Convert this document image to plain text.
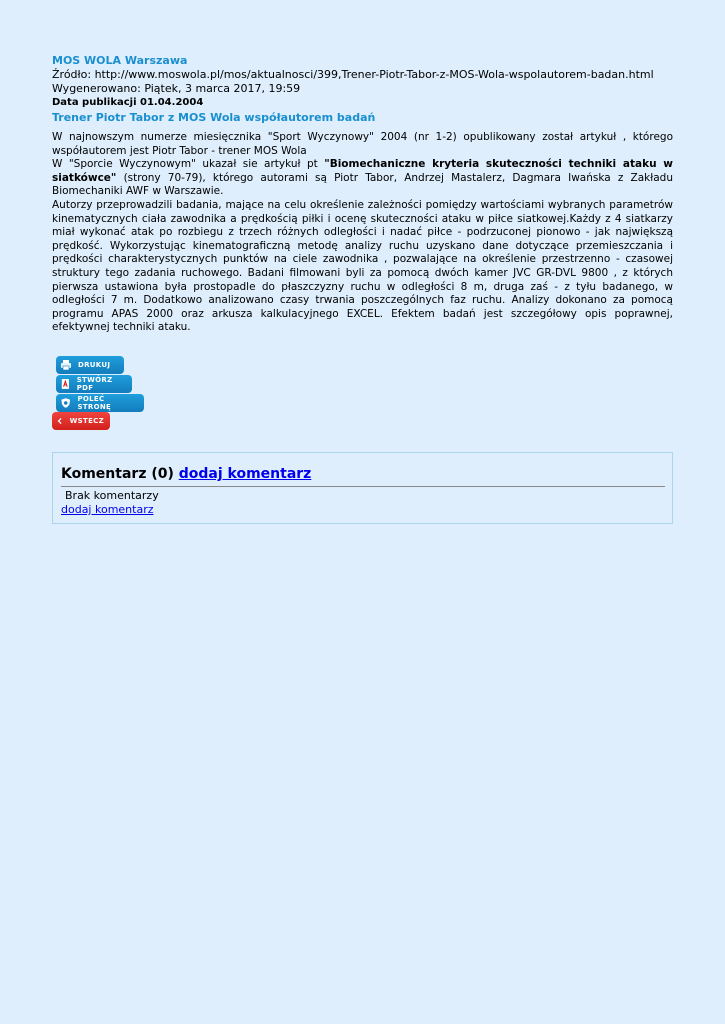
MOS WOLA Warszawa
Źródło: http://www.moswola.pl/mos/aktualnosci/399,Trener-Piotr-Tabor-z-MOS-Wola-wspolautorem-badan.html
Wygenerowano: Piątek, 3 marca 2017, 19:59
Data publikacji 01.04.2004
Trener Piotr Tabor z MOS Wola współautorem badań

W najnowszym numerze miesięcznika "Sport Wyczynowy" 2004 (nr 1-2) opublikowany został artykuł , którego współautorem jest Piotr Tabor - trener MOS Wola

W "Sporcie Wyczynowym" ukazał sie artykuł pt "Biomechaniczne kryteria skuteczności techniki ataku w siatkówce" (strony 70-79), którego autorami są Piotr Tabor, Andrzej Mastalerz, Dagmara Iwańska z Zakładu Biomechaniki AWF w Warszawie.

Autorzy przeprowadzili badania, mające na celu określenie zależności pomiędzy wartościami wybranych parametrów kinematycznych ciała zawodnika a prędkością piłki i ocenę skuteczności ataku w piłce siatkowej.Każdy z 4 siatkarzy miał wykonać atak po rozbiegu z trzech różnych odległości i nadać piłce - podrzuconej pionowo - jak największą prędkość. Wykorzystując kinematograficzną metodę analizy ruchu uzyskano dane dotyczące przemieszczania i prędkości charakterystycznych punktów na ciele zawodnika , pozwalające na określenie przestrzenno - czasowej struktury tego zadania ruchowego. Badani filmowani byli za pomocą dwóch kamer JVC GR-DVL 9800 , z których pierwsza ustawiona była prostopadle do płaszczyzny ruchu w odległości 8 m, druga zaś - z tyłu badanego, w odległości 7 m. Dodatkowo analizowano czasy trwania poszczególnych faz ruchu. Analizy dokonano za pomocą programu APAS 2000 oraz arkusza kalkulacyjnego EXCEL. Efektem badań jest szczegółowy opis poprawnej, efektywnej techniki ataku.

DRUKUJ
STWÓRZ PDF
POLEĆ STRONĘ
WSTECZ
Komentarz (0) dodaj komentarz
Brak komentarzy
dodaj komentarz
